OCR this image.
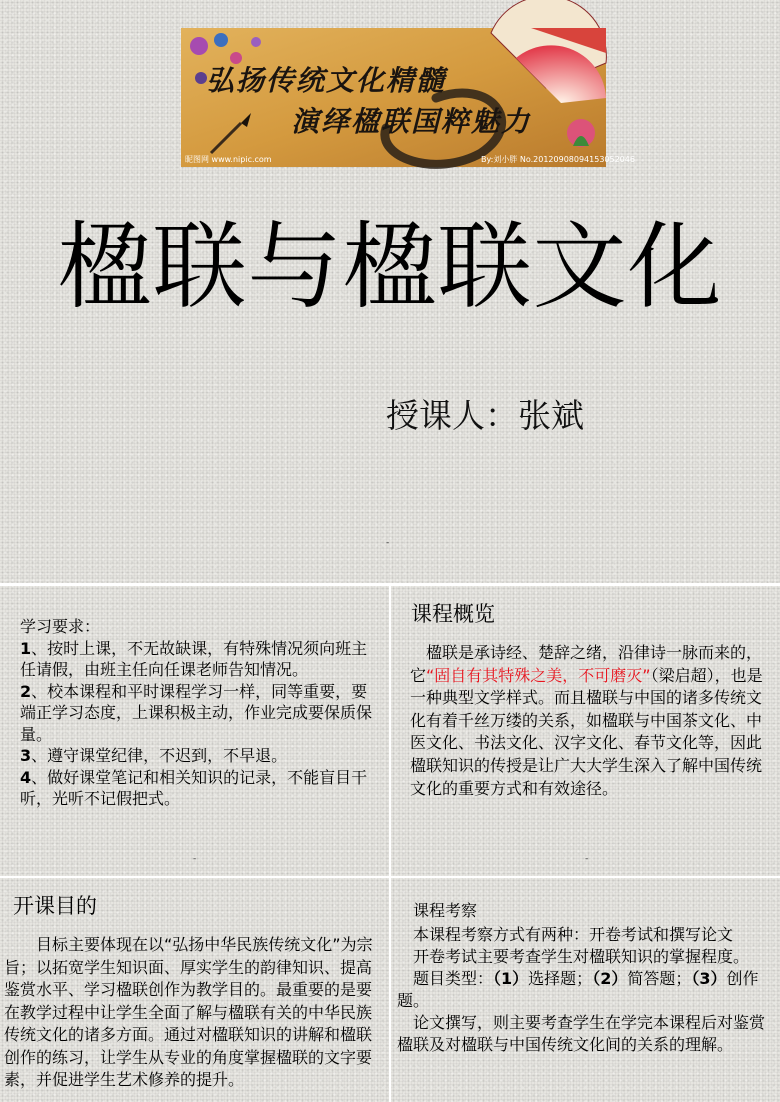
弘扬传统文化精髓
演绎楹联国粹魅力
昵图网 www.nipic.com	By:刘小胖 No.20120908094153052046
楹联与楹联文化
授课人：张斌
-

学习要求：

1、按时上课，不无故缺课，有特殊情况须向班主任请假，由班主任向任课老师告知情况。

2、校本课程和平时课程学习一样，同等重要，要端正学习态度，上课积极主动，作业完成要保质保量。

3、遵守课堂纪律，不迟到，不早退。

4、做好课堂笔记和相关知识的记录，不能盲目干听，光听不记假把式。

-
课程概览

　楹联是承诗经、楚辞之绪，沿律诗一脉而来的，它“固自有其特殊之美，不可磨灭”（梁启超），也是一种典型文学样式。而且楹联与中国的诸多传统文化有着千丝万缕的关系，如楹联与中国茶文化、中医文化、书法文化、汉字文化、春节文化等，因此楹联知识的传授是让广大大学生深入了解中国传统文化的重要方式和有效途径。

-
开课目的

　　目标主要体现在以“弘扬中华民族传统文化”为宗旨；以拓宽学生知识面、厚实学生的韵律知识、提高鉴赏水平、学习楹联创作为教学目的。最重要的是要在教学过程中让学生全面了解与楹联有关的中华民族传统文化的诸多方面。通过对楹联知识的讲解和楹联创作的练习，让学生从专业的角度掌握楹联的文字要素，并促进学生艺术修养的提升。

　课程考察

　本课程考察方式有两种：开卷考试和撰写论文

　开卷考试主要考查学生对楹联知识的掌握程度。

　题目类型：（1）选择题；（2）简答题；（3）创作题。

　论文撰写，则主要考查学生在学完本课程后对鉴赏楹联及对楹联与中国传统文化间的关系的理解。
